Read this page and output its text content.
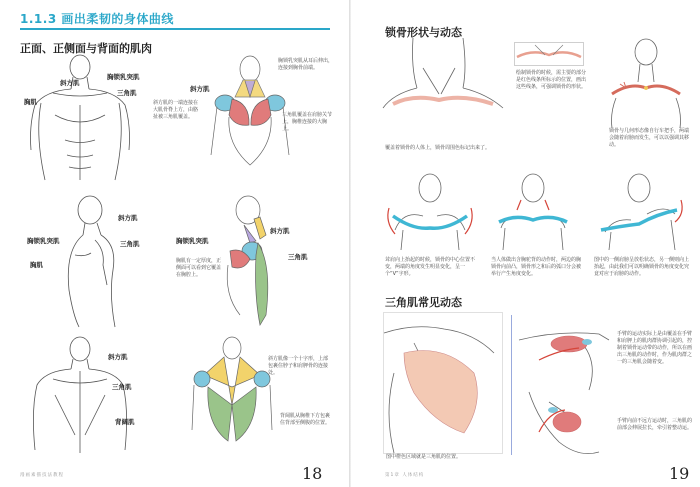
1.1.3 画出柔韧的身体曲线
正面、正侧面与背面的肌肉
斜方肌
胸锁乳突肌
三角肌
胸肌
斜方肌
胸锁乳突肌从耳后伸出，连接到胸骨前端。
斜方肌的一端连接在大肌骨脊上方，由胳扯被三角肌覆盖。	三角肌覆盖在肩膀关节上，胸椎连接的大胸上。
斜方肌
胸锁乳突肌	三角肌
胸肌
斜方肌
胸锁乳突肌
三角肌
胸肌有一定厚度，正侧面可以看到它覆盖在胸腔上。
斜方肌
三角肌
背阔肌
斜方肌像一个十字形，上部包裹住脖子和肩胛骨的连接处。
背阔肌从胸椎下方包裹住背部至侧腹的位置。
漫画素描技法教程	18
锁骨形状与动态
覆盖着锁骨的人体上，锁骨周围色标记出来了。
绘制锁骨的时候，需主要的部分是红色线条所标示的位置，画出这些线条，可强调锁骨的形状。
锁骨与几何形态像自行车把手，两端会随着肩膀而发生，可以以强调其移动。
耸肩向上抬起的时候，锁骨的中心位置不变，两端的角度发生明显变化，呈一个“V”字形。
当人体做出含胸驼背的动作时，两边的胸锁骨向前凸，锁骨形之和后的弧口分会被举行产生角度变化。
图中的一侧肩膀呈放松状态，另一侧则向上抬起，由此我们可以明确锁骨的角度变化究竟对应于肩膀的动作。
三角肌常见动态
图中橙色区域就是三角肌的位置。
手臂的运动实际上是由覆盖在手臂和肩胛上的肌肉群协调引起的，控制着锁骨运动带的动作，所以在画出三角肌的动作时，作为肌肉群之一的三角肌会随着变。
手臂向前不远方运动时，三角肌的前部会伸展拉长，牵引着整动运。
第1章 人体结构	19
